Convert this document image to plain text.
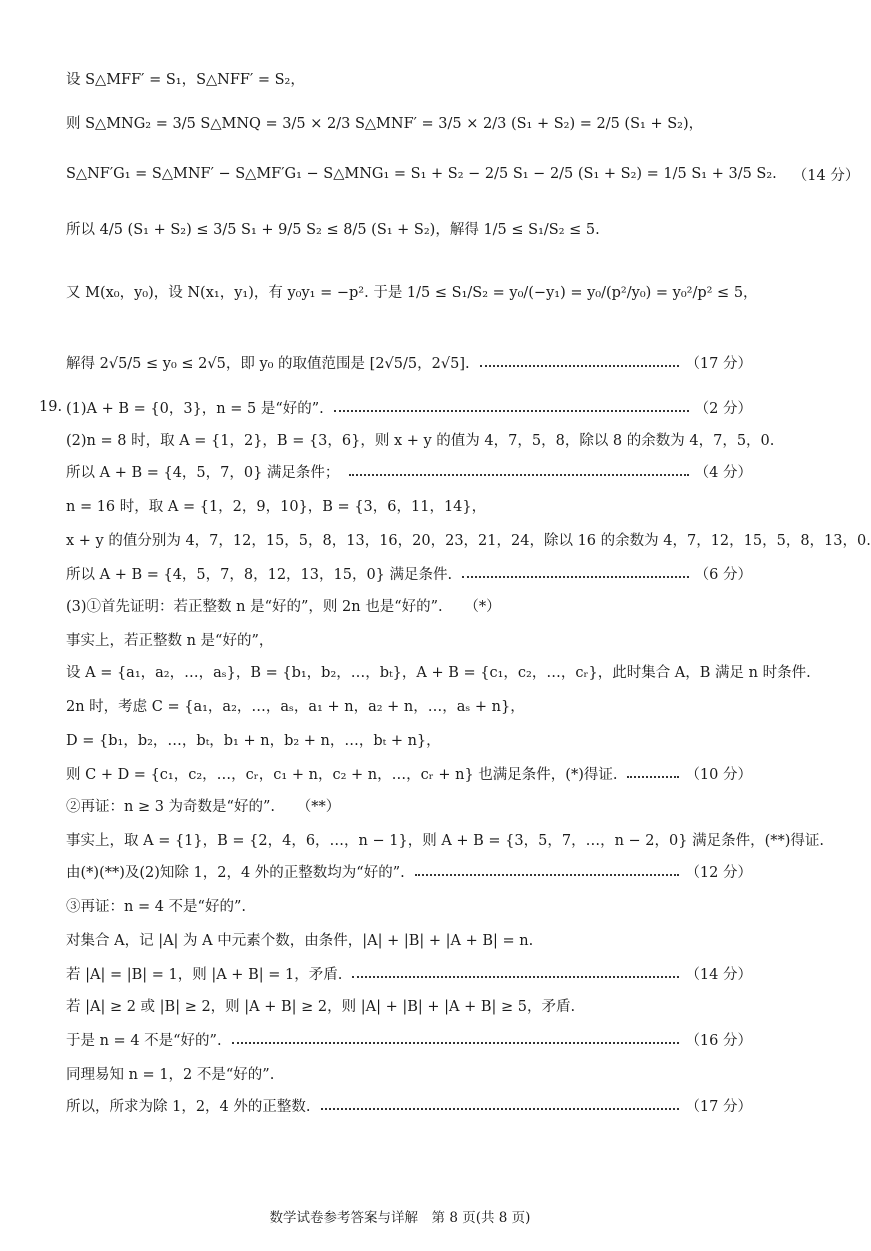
设 S△MFF′ = S₁，S△NFF′ = S₂，
则 S△MNG₂ = 3/5 S△MNQ = 3/5 × 2/3 S△MNF′ = 3/5 × 2/3 (S₁ + S₂) = 2/5 (S₁ + S₂)，
S△NF′G₁ = S△MNF′ − S△MF′G₁ − S△MNG₁ = S₁ + S₂ − 2/5 S₁ − 2/5 (S₁ + S₂) = 1/5 S₁ + 3/5 S₂. （14 分）
所以 4/5 (S₁ + S₂) ≤ 3/5 S₁ + 9/5 S₂ ≤ 8/5 (S₁ + S₂)，解得 1/5 ≤ S₁/S₂ ≤ 5.
又 M(x₀，y₀)，设 N(x₁，y₁)，有 y₀y₁ = −p². 于是 1/5 ≤ S₁/S₂ = y₀/(−y₁) = y₀/(p²/y₀) = y₀²/p² ≤ 5，
解得 2√5/5 ≤ y₀ ≤ 2√5，即 y₀ 的取值范围是 [2√5/5，2√5].	（17 分）
19. (1)A + B = {0，3}，n = 5 是“好的”.	（2 分）
(2)n = 8 时，取 A = {1，2}，B = {3，6}，则 x + y 的值为 4，7，5，8，除以 8 的余数为 4，7，5，0.
所以 A + B = {4，5，7，0} 满足条件；	（4 分）
n = 16 时，取 A = {1，2，9，10}，B = {3，6，11，14}，
x + y 的值分别为 4，7，12，15，5，8，13，16，20，23，21，24，除以 16 的余数为 4，7，12，15，5，8，13，0.
所以 A + B = {4，5，7，8，12，13，15，0} 满足条件.	（6 分）
(3)①首先证明：若正整数 n 是“好的”，则 2n 也是“好的”.　　（*）
事实上，若正整数 n 是“好的”，
设 A = {a₁，a₂，…，aₛ}，B = {b₁，b₂，…，bₜ}，A + B = {c₁，c₂，…，cᵣ}，此时集合 A，B 满足 n 时条件.
2n 时，考虑 C = {a₁，a₂，…，aₛ，a₁ + n，a₂ + n，…，aₛ + n}，
D = {b₁，b₂，…，bₜ，b₁ + n，b₂ + n，…，bₜ + n}，
则 C + D = {c₁，c₂，…，cᵣ，c₁ + n，c₂ + n，…，cᵣ + n} 也满足条件，(*)得证.	（10 分）
②再证：n ≥ 3 为奇数是“好的”.　　（**）
事实上，取 A = {1}，B = {2，4，6，…，n − 1}，则 A + B = {3，5，7，…，n − 2，0} 满足条件，(**)得证.
由(*)(**)及(2)知除 1，2，4 外的正整数均为“好的”.	（12 分）
③再证：n = 4 不是“好的”.
对集合 A，记 |A| 为 A 中元素个数，由条件，|A| + |B| + |A + B| = n.
若 |A| = |B| = 1，则 |A + B| = 1，矛盾.	（14 分）
若 |A| ≥ 2 或 |B| ≥ 2，则 |A + B| ≥ 2，则 |A| + |B| + |A + B| ≥ 5，矛盾.
于是 n = 4 不是“好的”.	（16 分）
同理易知 n = 1，2 不是“好的”.
所以，所求为除 1，2，4 外的正整数.	（17 分）
数学试卷参考答案与详解　第 8 页(共 8 页)
